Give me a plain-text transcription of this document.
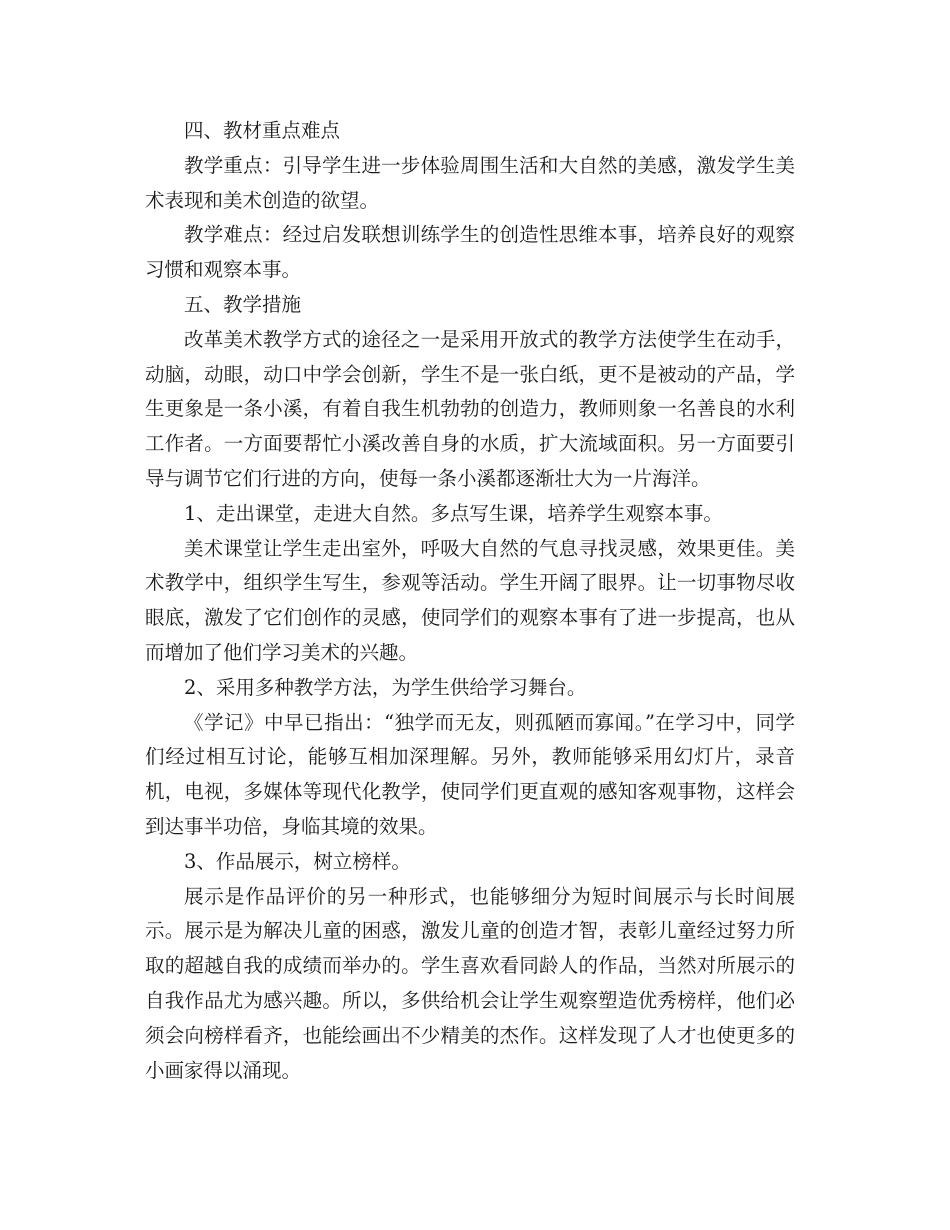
四、教材重点难点

教学重点：引导学生进一步体验周围生活和大自然的美感，激发学生美术表现和美术创造的欲望。

教学难点：经过启发联想训练学生的创造性思维本事，培养良好的观察习惯和观察本事。

五、教学措施

改革美术教学方式的途径之一是采用开放式的教学方法使学生在动手，动脑，动眼，动口中学会创新，学生不是一张白纸，更不是被动的产品，学生更象是一条小溪，有着自我生机勃勃的创造力，教师则象一名善良的水利工作者。一方面要帮忙小溪改善自身的水质，扩大流域面积。另一方面要引导与调节它们行进的方向，使每一条小溪都逐渐壮大为一片海洋。

1、走出课堂，走进大自然。多点写生课，培养学生观察本事。

美术课堂让学生走出室外，呼吸大自然的气息寻找灵感，效果更佳。美术教学中，组织学生写生，参观等活动。学生开阔了眼界。让一切事物尽收眼底，激发了它们创作的灵感，使同学们的观察本事有了进一步提高，也从而增加了他们学习美术的兴趣。

2、采用多种教学方法，为学生供给学习舞台。

《学记》中早已指出：“独学而无友，则孤陋而寡闻。”在学习中，同学们经过相互讨论，能够互相加深理解。另外，教师能够采用幻灯片，录音机，电视，多媒体等现代化教学，使同学们更直观的感知客观事物，这样会到达事半功倍，身临其境的效果。

3、作品展示，树立榜样。

展示是作品评价的另一种形式，也能够细分为短时间展示与长时间展示。展示是为解决儿童的困惑，激发儿童的创造才智，表彰儿童经过努力所取的超越自我的成绩而举办的。学生喜欢看同龄人的作品，当然对所展示的自我作品尤为感兴趣。所以，多供给机会让学生观察塑造优秀榜样，他们必须会向榜样看齐，也能绘画出不少精美的杰作。这样发现了人才也使更多的小画家得以涌现。
